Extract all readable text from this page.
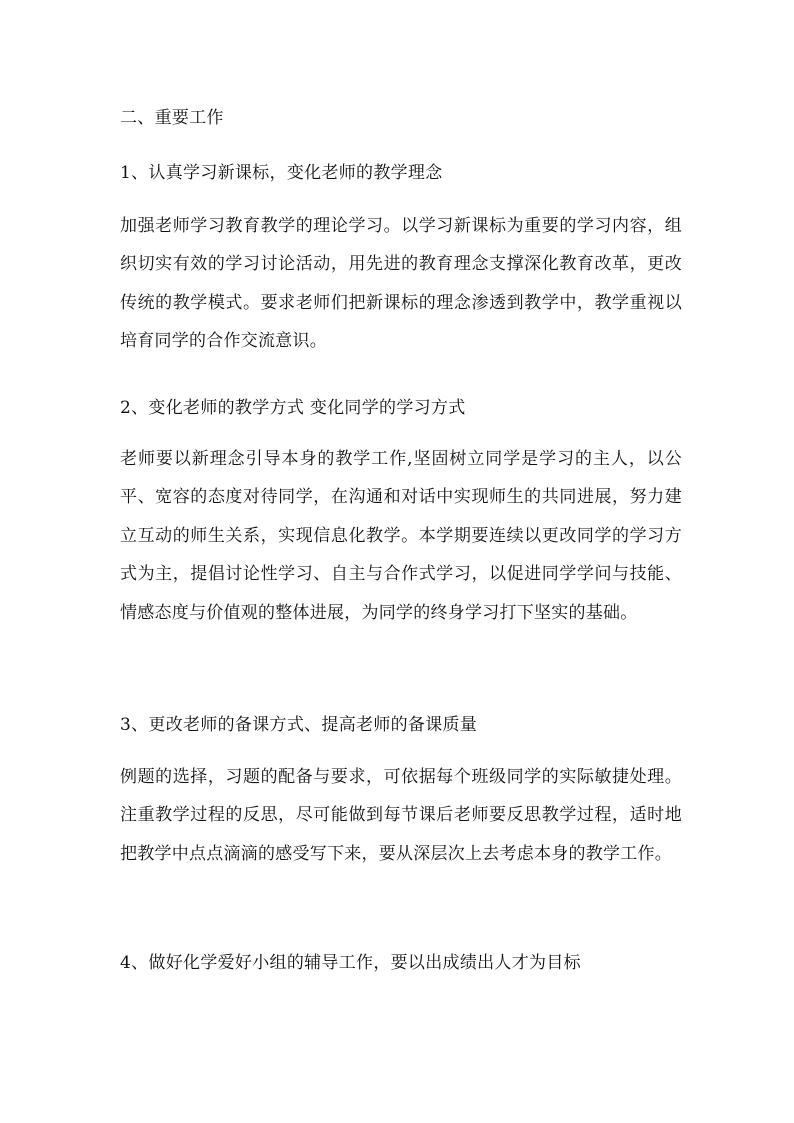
二、重要工作
1、认真学习新课标，变化老师的教学理念
加强老师学习教育教学的理论学习。以学习新课标为重要的学习内容，组织切实有效的学习讨论活动，用先进的教育理念支撑深化教育改革，更改传统的教学模式。要求老师们把新课标的理念渗透到教学中，教学重视以培育同学的合作交流意识。
2、变化老师的教学方式 变化同学的学习方式
老师要以新理念引导本身的教学工作,坚固树立同学是学习的主人，以公平、宽容的态度对待同学，在沟通和对话中实现师生的共同进展，努力建立互动的师生关系，实现信息化教学。本学期要连续以更改同学的学习方式为主，提倡讨论性学习、自主与合作式学习，以促进同学学问与技能、情感态度与价值观的整体进展，为同学的终身学习打下坚实的基础。
3、更改老师的备课方式、提高老师的备课质量
例题的选择，习题的配备与要求，可依据每个班级同学的实际敏捷处理。注重教学过程的反思，尽可能做到每节课后老师要反思教学过程，适时地把教学中点点滴滴的感受写下来，要从深层次上去考虑本身的教学工作。
4、做好化学爱好小组的辅导工作，要以出成绩出人才为目标
